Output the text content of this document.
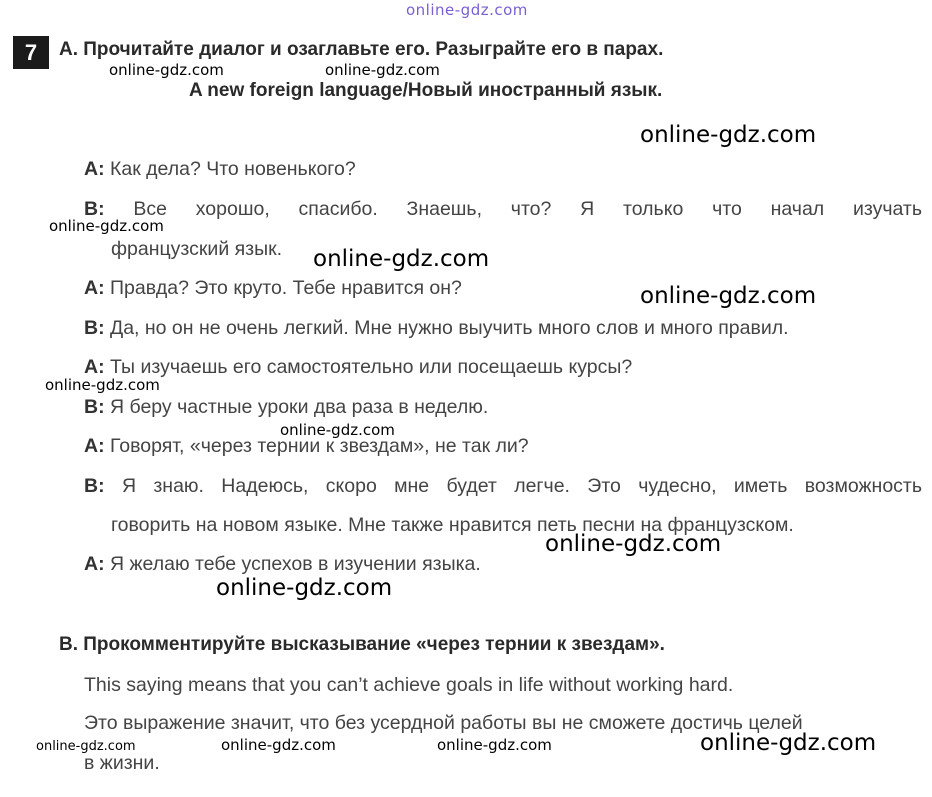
online-gdz.com
7	A. Прочитайте диалог и озаглавьте его. Разыграйте его в парах.
A new foreign language/Новый иностранный язык.
A: Как дела? Что новенького?
B: Все хорошо, спасибо. Знаешь, что? Я только что начал изучать
французский язык.
A: Правда? Это круто. Тебе нравится он?
B: Да, но он не очень легкий. Мне нужно выучить много слов и много правил.
A: Ты изучаешь его самостоятельно или посещаешь курсы?
B: Я беру частные уроки два раза в неделю.
A: Говорят, «через тернии к звездам», не так ли?
B: Я знаю. Надеюсь, скоро мне будет легче. Это чудесно, иметь возможность
говорить на новом языке. Мне также нравится петь песни на французском.
A: Я желаю тебе успехов в изучении языка.
B. Прокомментируйте высказывание «через тернии к звездам».
This saying means that you can’t achieve goals in life without working hard.
Это выражение значит, что без усердной работы вы не сможете достичь целей
в жизни.
online-gdz.com	online-gdz.com
online-gdz.com
online-gdz.com
online-gdz.com
online-gdz.com
online-gdz.com
online-gdz.com
online-gdz.com
online-gdz.com
online-gdz.com	online-gdz.com	online-gdz.com	online-gdz.com
